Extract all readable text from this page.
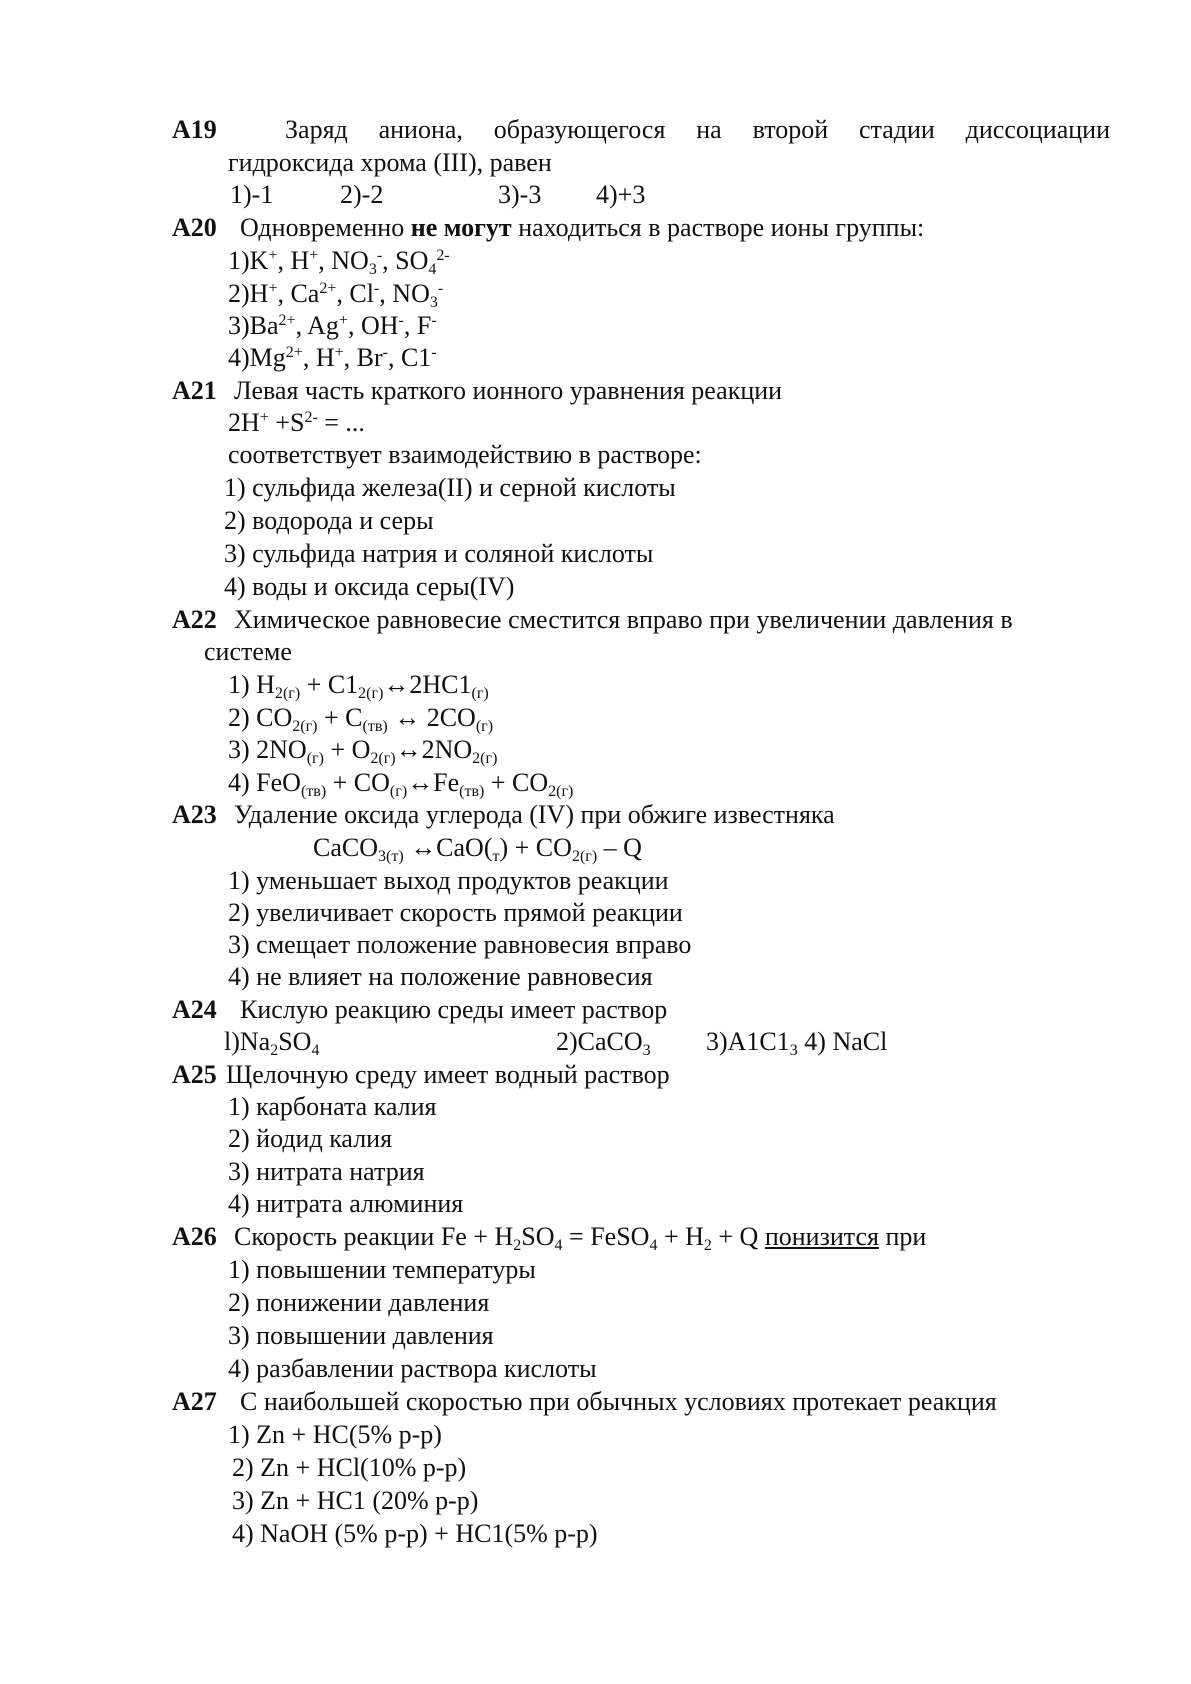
A19	Заряд аниона, образующегося на второй стадии диссоциации
гидроксида хрома (III), равен
1)-1	2)-2	3)-3 4)+3
A20 Одновременно не могут находиться в растворе ионы группы:
1)K+, H+, $NO_3^-$, $SO_4^{2-}$
2)H+, $Ca^{2+}$, Cl-, $NO_3^-$
$3)Ba^{2+}$, Ag+, OH-, F-
$4)Mg^{2+}$, H+, Br-, C1-
A21 Левая часть краткого ионного уравнения реакции
$2H^+ +S^{2-}$ = ...
соответствует взаимодействию в растворе:
1) сульфида железа(II) и серной кислоты
2) водорода и серы
3) сульфида натрия и соляной кислоты
4) воды и оксида серы(IV)
A22 Химическое равновесие сместится вправо при увеличении давления в
системе
1) $H_{2(г)}$ + $C1_{2(г)}\leftrightarrow 2HC1_{(г)}$
2) $CO_{2(г)} + C_{(тв)}$ ↔ $2CO_{(г)}$
3) $2NO_{(г)}$ + $O_{2(г)}\leftrightarrow 2NO_{2(г)}$
4) $FeO_{(тв)} + CO_{(г)}\leftrightarrow Fe_{(тв)} + CO_{2(г)}$
A23 Удаление оксида углерода (IV) при обжиге известняка
CaCO$_{3(т)}$ $\leftrightarrow CaO(_т) + CO_{2(г)} - Q$
1) уменьшает выход продуктов реакции
2) увеличивает скорость прямой реакции
3) смещает положение равновесия вправо
4) не влияет на положение равновесия
A24 Кислую реакцию среды имеет раствор
$l)Na_2SO_4$	2)CaCO$_3$ $3)A1C1_3$ 4) NaCl
A25 Щелочную среду имеет водный раствор
1) карбоната калия
2) йодид калия
3) нитрата натрия
4) нитрата алюминия
A26 Скорость реакции $Fe + H_2SO_4$ = FeSO$_4$ + $H_2 + Q$ понизится при
1) повышении температуры
2) понижении давления
3) повышении давления
4) разбавлении раствора кислоты
A27 С наибольшей скоростью при обычных условиях протекает реакция
1) Zn + HC(5% р-р)
2) Zn + HCl(10% р-р)
3) Zn + HC1 (20% р-р)
4) NaOH (5% р-р) + HC1(5% р-р)
